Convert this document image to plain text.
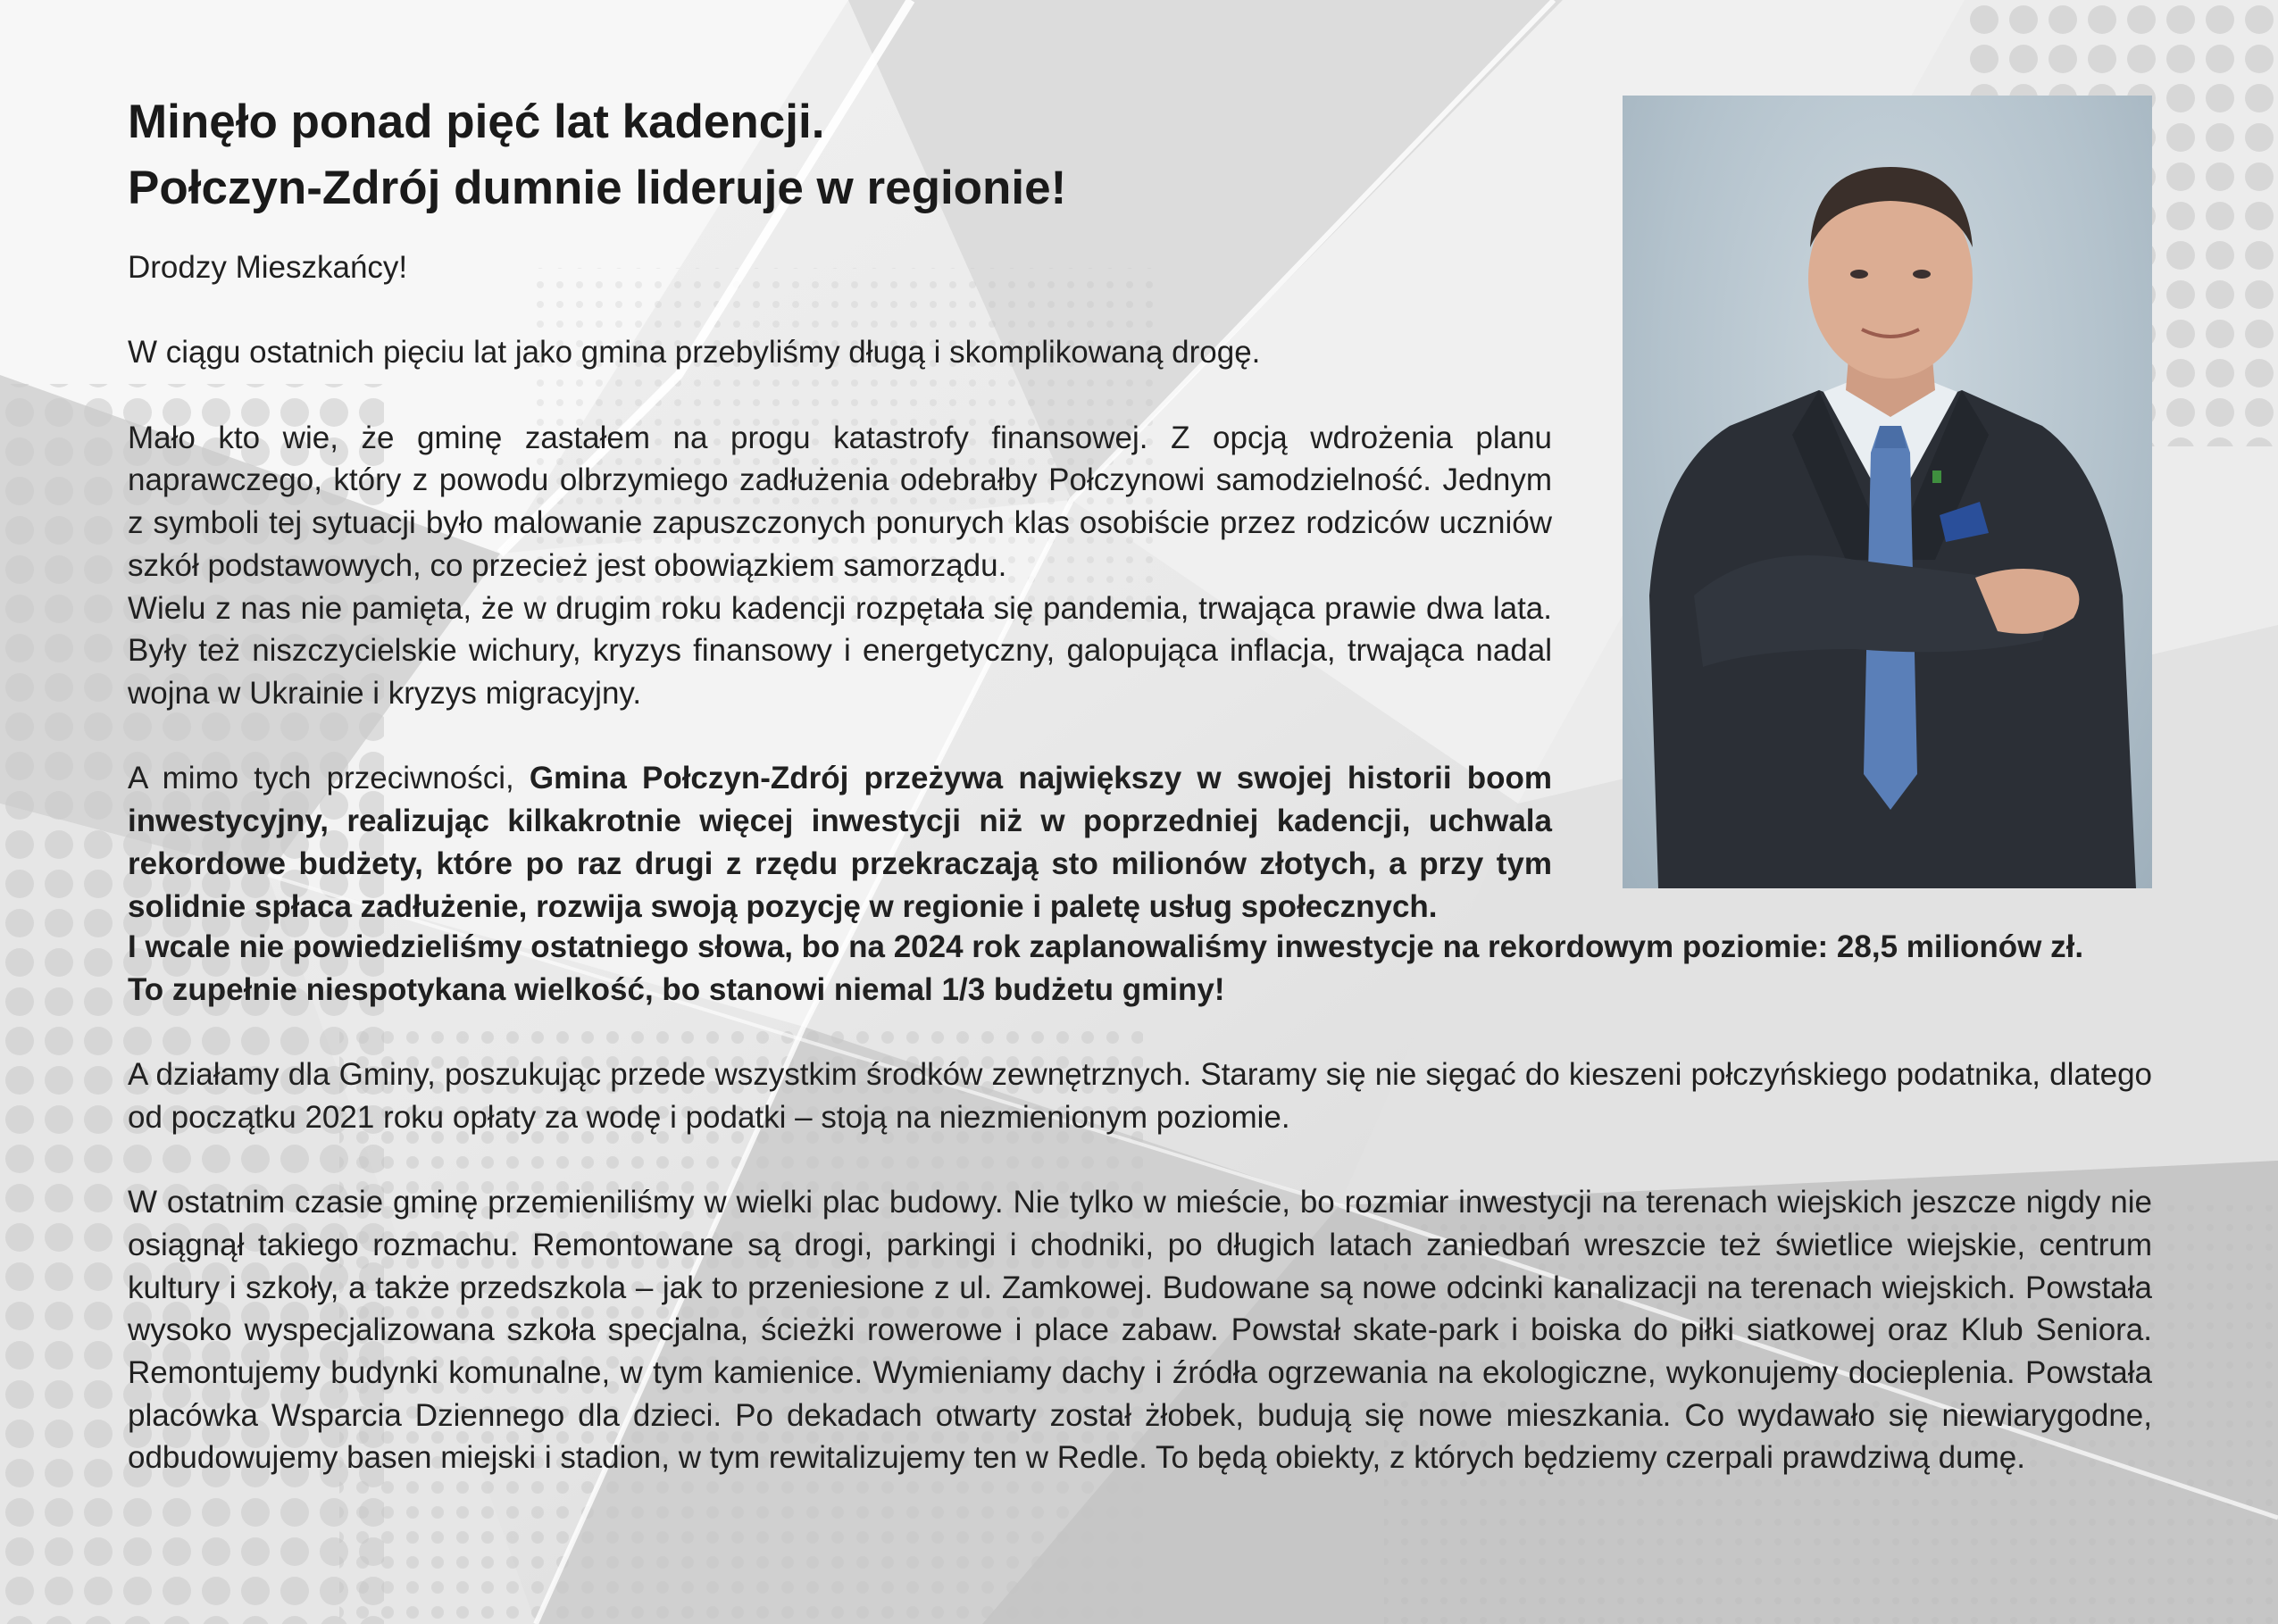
Minęło ponad pięć lat kadencji.
Połczyn-Zdrój dumnie lideruje w regionie!

Drodzy Mieszkańcy!

W ciągu ostatnich pięciu lat jako gmina przebyliśmy długą i skomplikowaną drogę.

Mało kto wie, że gminę zastałem na progu katastrofy finansowej. Z opcją wdrożenia planu naprawczego, który z powodu olbrzymiego zadłużenia odebrałby Połczynowi samodzielność. Jednym z symboli tej sytuacji było malowanie zapuszczonych ponurych klas osobiście przez rodziców uczniów szkół podstawowych, co przecież jest obowiązkiem samorządu.

Wielu z nas nie pamięta, że w drugim roku kadencji rozpętała się pandemia, trwająca prawie dwa lata. Były też niszczycielskie wichury, kryzys finansowy i energetyczny, galopująca inflacja, trwająca nadal wojna w Ukrainie i kryzys migracyjny.

A mimo tych przeciwności, Gmina Połczyn-Zdrój przeżywa największy w swojej historii boom inwestycyjny, realizując kilkakrotnie więcej inwestycji niż w poprzedniej kadencji, uchwala rekordowe budżety, które po raz drugi z rzędu przekraczają sto milionów złotych, a przy tym solidnie spłaca zadłużenie, rozwija swoją pozycję w regionie i paletę usług społecznych.

I wcale nie powiedzieliśmy ostatniego słowa, bo na 2024 rok zaplanowaliśmy inwestycje na rekordowym poziomie: 28,5 milionów zł.

To zupełnie niespotykana wielkość, bo stanowi niemal 1/3 budżetu gminy!

A działamy dla Gminy, poszukując przede wszystkim środków zewnętrznych. Staramy się nie sięgać do kieszeni połczyńskiego podatnika, dlatego od początku 2021 roku opłaty za wodę i podatki – stoją na niezmienionym poziomie.

W ostatnim czasie gminę przemieniliśmy w wielki plac budowy. Nie tylko w mieście, bo rozmiar inwestycji na terenach wiejskich jeszcze nigdy nie osiągnął takiego rozmachu. Remontowane są drogi, parkingi i chodniki, po długich latach zaniedbań wreszcie też świetlice wiejskie, centrum kultury i szkoły, a także przedszkola – jak to przeniesione z ul. Zamkowej. Budowane są nowe odcinki kanalizacji na terenach wiejskich. Powstała wysoko wyspecjalizowana szkoła specjalna, ścieżki rowerowe i place zabaw. Powstał skate-park i boiska do piłki siatkowej oraz Klub Seniora. Remontujemy budynki komunalne, w tym kamienice. Wymieniamy dachy i źródła ogrzewania na ekologiczne, wykonujemy docieplenia. Powstała placówka Wsparcia Dziennego dla dzieci. Po dekadach otwarty został żłobek, budują się nowe mieszkania. Co wydawało się niewiarygodne, odbudowujemy basen miejski i stadion, w tym rewitalizujemy ten w Redle. To będą obiekty, z których będziemy czerpali prawdziwą dumę.
